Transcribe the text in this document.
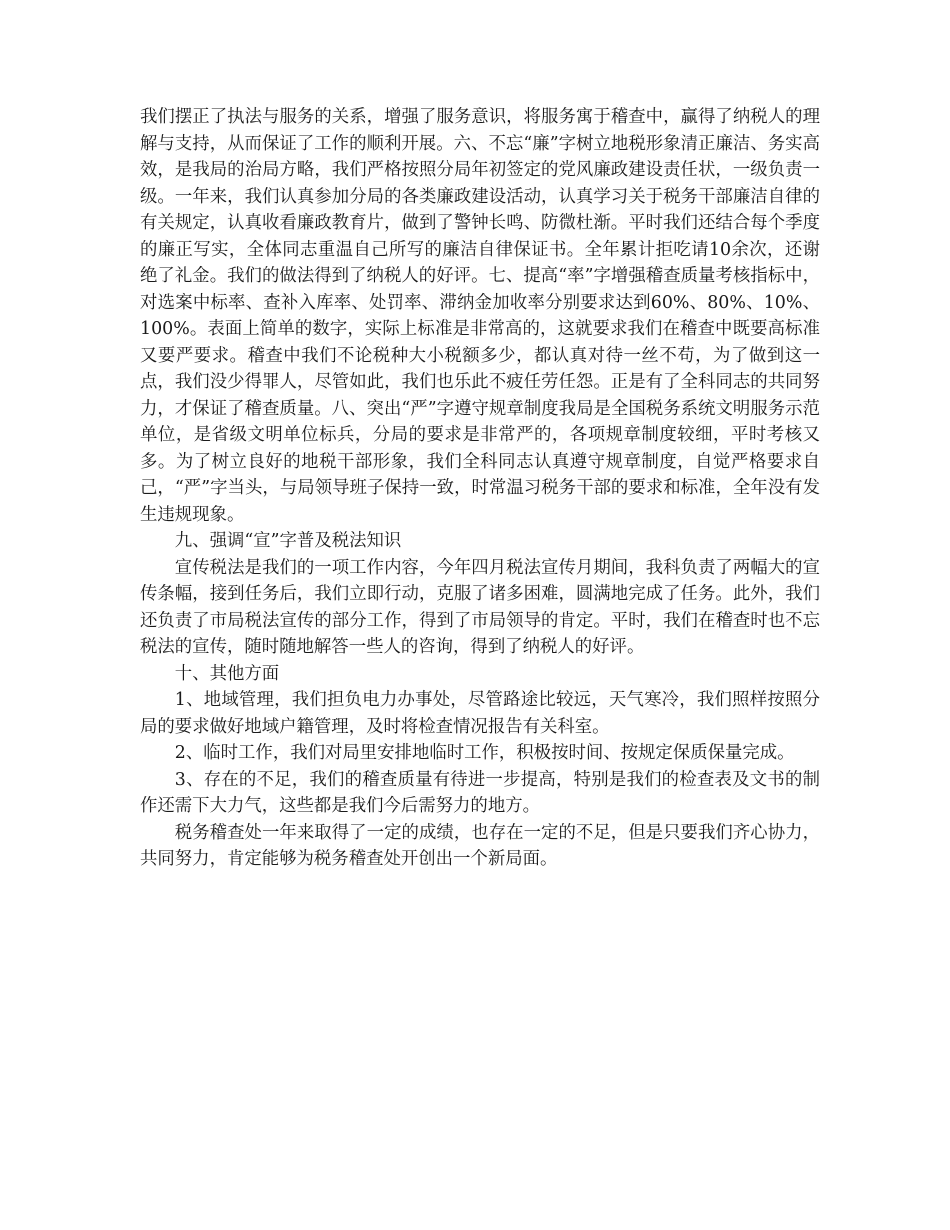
我们摆正了执法与服务的关系，增强了服务意识，将服务寓于稽查中，赢得了纳税人的理解与支持，从而保证了工作的顺利开展。六、不忘“廉”字树立地税形象清正廉洁、务实高效，是我局的治局方略，我们严格按照分局年初签定的党风廉政建设责任状，一级负责一级。一年来，我们认真参加分局的各类廉政建设活动，认真学习关于税务干部廉洁自律的有关规定，认真收看廉政教育片，做到了警钟长鸣、防微杜渐。平时我们还结合每个季度的廉正写实，全体同志重温自己所写的廉洁自律保证书。全年累计拒吃请10余次，还谢绝了礼金。我们的做法得到了纳税人的好评。七、提高“率”字增强稽查质量考核指标中，对选案中标率、查补入库率、处罚率、滞纳金加收率分别要求达到60%、80%、10%、100%。表面上简单的数字，实际上标准是非常高的，这就要求我们在稽查中既要高标准又要严要求。稽查中我们不论税种大小税额多少，都认真对待一丝不苟，为了做到这一点，我们没少得罪人，尽管如此，我们也乐此不疲任劳任怨。正是有了全科同志的共同努力，才保证了稽查质量。八、突出“严”字遵守规章制度我局是全国税务系统文明服务示范单位，是省级文明单位标兵，分局的要求是非常严的，各项规章制度较细，平时考核又多。为了树立良好的地税干部形象，我们全科同志认真遵守规章制度，自觉严格要求自己，“严”字当头，与局领导班子保持一致，时常温习税务干部的要求和标准，全年没有发生违规现象。

九、强调“宣”字普及税法知识

宣传税法是我们的一项工作内容，今年四月税法宣传月期间，我科负责了两幅大的宣传条幅，接到任务后，我们立即行动，克服了诸多困难，圆满地完成了任务。此外，我们还负责了市局税法宣传的部分工作，得到了市局领导的肯定。平时，我们在稽查时也不忘税法的宣传，随时随地解答一些人的咨询，得到了纳税人的好评。

十、其他方面

1、地域管理，我们担负电力办事处，尽管路途比较远，天气寒冷，我们照样按照分局的要求做好地域户籍管理，及时将检查情况报告有关科室。

2、临时工作，我们对局里安排地临时工作，积极按时间、按规定保质保量完成。

3、存在的不足，我们的稽查质量有待进一步提高，特别是我们的检查表及文书的制作还需下大力气，这些都是我们今后需努力的地方。

税务稽查处一年来取得了一定的成绩，也存在一定的不足，但是只要我们齐心协力，共同努力，肯定能够为税务稽查处开创出一个新局面。
